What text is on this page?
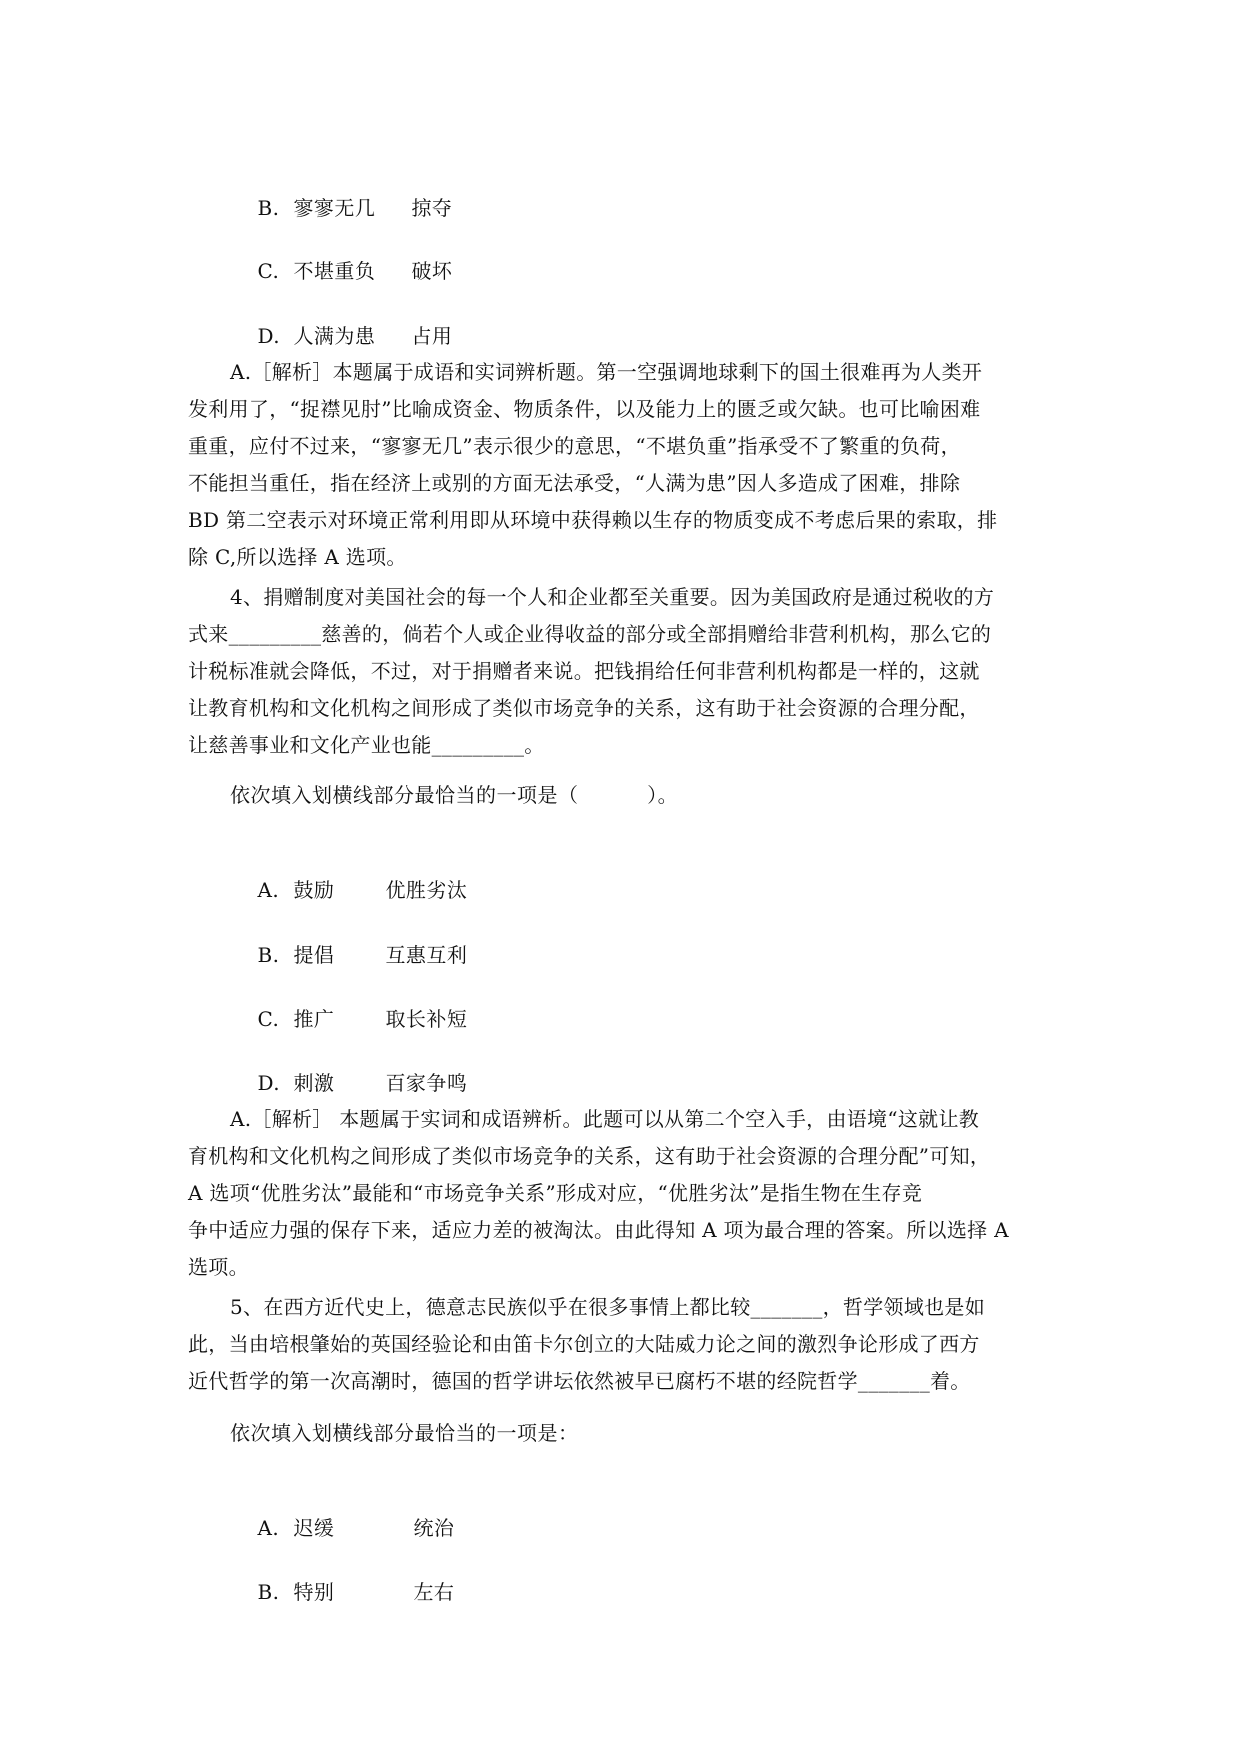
B. 寥寥无几 掠夺

C. 不堪重负 破坏

D. 人满为患 占用

A.［解析］本题属于成语和实词辨析题。第一空强调地球剩下的国土很难再为人类开

发利用了，“捉襟见肘”比喻成资金、物质条件，以及能力上的匮乏或欠缺。也可比喻困难

重重，应付不过来，“寥寥无几”表示很少的意思，“不堪负重”指承受不了繁重的负荷，

不能担当重任，指在经济上或别的方面无法承受，“人满为患”因人多造成了困难，排除

BD 第二空表示对环境正常利用即从环境中获得赖以生存的物质变成不考虑后果的索取，排

除 C,所以选择 A 选项。

4、捐赠制度对美国社会的每一个人和企业都至关重要。因为美国政府是通过税收的方

式来_________慈善的，倘若个人或企业得收益的部分或全部捐赠给非营利机构，那么它的

计税标准就会降低，不过，对于捐赠者来说。把钱捐给任何非营利机构都是一样的，这就

让教育机构和文化机构之间形成了类似市场竞争的关系，这有助于社会资源的合理分配，

让慈善事业和文化产业也能_________。

依次填入划横线部分最恰当的一项是（          ）。

A. 鼓励	优胜劣汰

B. 提倡	互惠互利

C. 推广	取长补短

D. 刺激	百家争鸣

A.［解析］ 本题属于实词和成语辨析。此题可以从第二个空入手，由语境“这就让教

育机构和文化机构之间形成了类似市场竞争的关系，这有助于社会资源的合理分配”可知，

A 选项“优胜劣汰”最能和“市场竞争关系”形成对应，“优胜劣汰”是指生物在生存竞

争中适应力强的保存下来，适应力差的被淘汰。由此得知 A 项为最合理的答案。所以选择 A

选项。

5、在西方近代史上，德意志民族似乎在很多事情上都比较_______，哲学领域也是如

此，当由培根肇始的英国经验论和由笛卡尔创立的大陆威力论之间的激烈争论形成了西方

近代哲学的第一次高潮时，德国的哲学讲坛依然被早已腐朽不堪的经院哲学_______着。

依次填入划横线部分最恰当的一项是：

A. 迟缓	统治

B. 特别	左右
